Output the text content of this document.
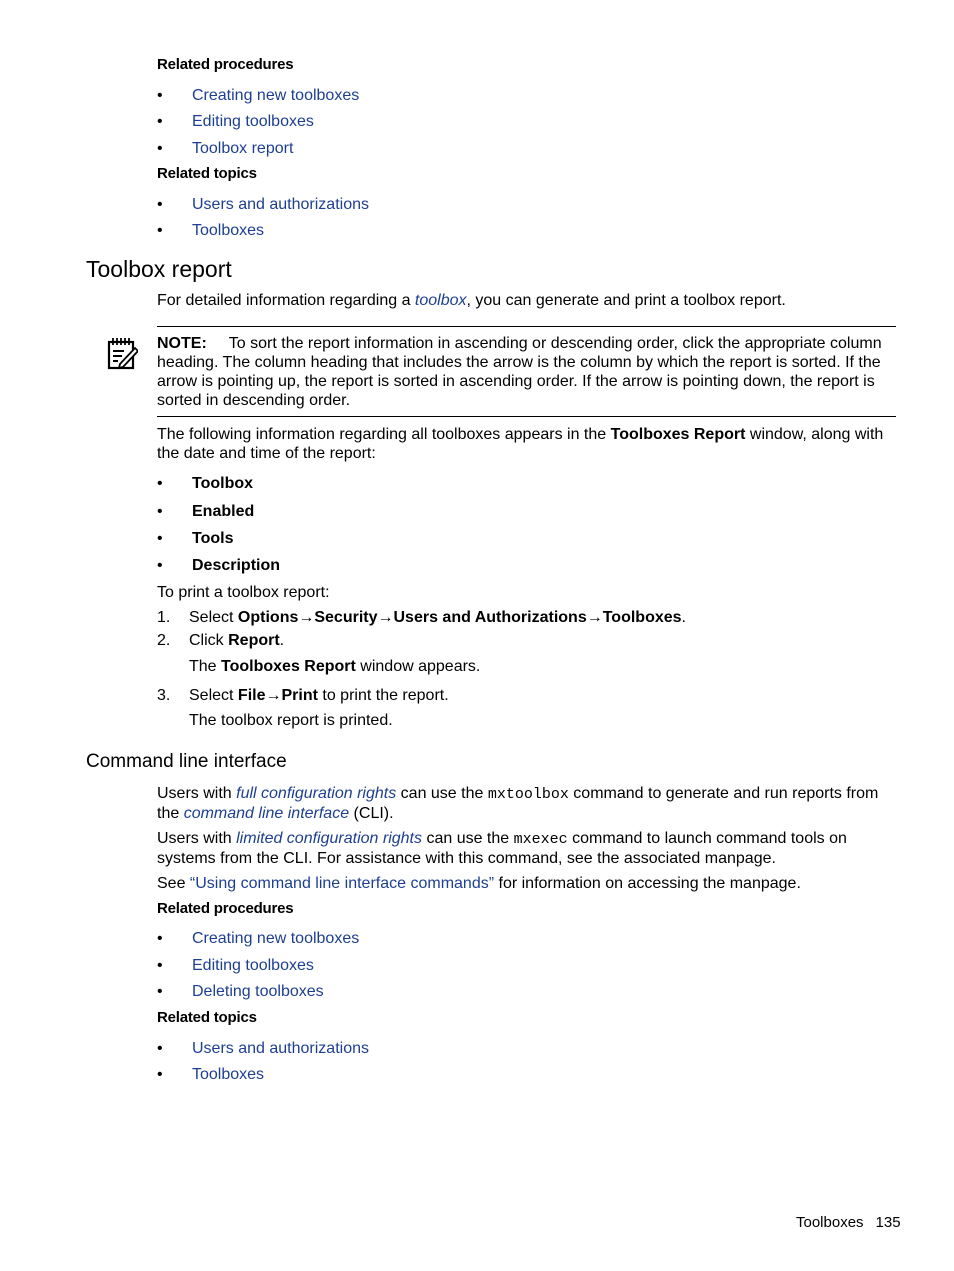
Related procedures
• Creating new toolboxes
• Editing toolboxes
• Toolbox report
Related topics
• Users and authorizations
• Toolboxes
Toolbox report

For detailed information regarding a toolbox, you can generate and print a toolbox report.

NOTE: To sort the report information in ascending or descending order, click the appropriate column heading. The column heading that includes the arrow is the column by which the report is sorted. If the arrow is pointing up, the report is sorted in ascending order. If the arrow is pointing down, the report is sorted in descending order.

The following information regarding all toolboxes appears in the Toolboxes Report window, along with the date and time of the report:

• Toolbox
• Enabled
• Tools
• Description
To print a toolbox report:
1. Select Options→Security→Users and Authorizations→Toolboxes.
2. Click Report.
The Toolboxes Report window appears.
3. Select File→Print to print the report.
The toolbox report is printed.
Command line interface

Users with full configuration rights can use the mxtoolbox command to generate and run reports from the command line interface (CLI).

Users with limited configuration rights can use the mxexec command to launch command tools on systems from the CLI. For assistance with this command, see the associated manpage.

See “Using command line interface commands” for information on accessing the manpage.

Related procedures
• Creating new toolboxes
• Editing toolboxes
• Deleting toolboxes
Related topics
• Users and authorizations
• Toolboxes
Toolboxes 135
